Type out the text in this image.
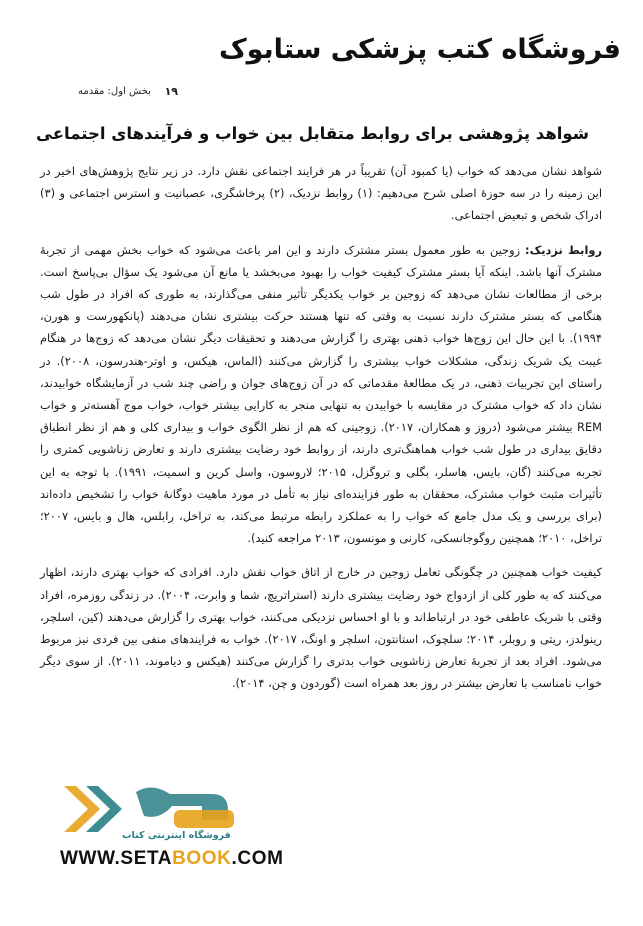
فروشگاه کتب پزشکی ستابوک
۱۹
بخش اول: مقدمه
شواهد پژوهشی برای روابط متقابل بین خواب و فرآیندهای اجتماعی

شواهد نشان می‌دهد که خواب (یا کمبود آن) تقریباً در هر فرایند اجتماعی نقش دارد. در زیر نتایج پژوهش‌های اخیر در این زمینه را در سه حوزهٔ اصلی شرح می‌دهیم: (۱) روابط نزدیک، (۲) پرخاشگری، عصبانیت و استرس اجتماعی و (۳) ادراک شخص و تبعیض اجتماعی.

روابط نزدیک: زوجین به طور معمول بستر مشترک دارند و این امر باعث می‌شود که خواب بخش مهمی از تجربهٔ مشترک آنها باشد. اینکه آیا بستر مشترک کیفیت خواب را بهبود می‌بخشد یا مانع آن می‌شود یک سؤال بی‌پاسخ است. برخی از مطالعات نشان می‌دهد که زوجین بر خواب یکدیگر تأثیر منفی می‌گذارند، به طوری که افراد در طول شب هنگامی که بستر مشترک دارند نسبت به وقتی که تنها هستند حرکت بیشتری نشان می‌دهند (پانکهورست و هورن، ۱۹۹۴). با این حال این زوج‌ها خواب ذهنی بهتری را گزارش می‌دهند و تحقیقات دیگر نشان می‌دهد که زوج‌ها در هنگام غیبت یک شریک زندگی، مشکلات خواب بیشتری را گزارش می‌کنند (الماس، هیکس، و اوتر-هندرسون، ۲۰۰۸). در راستای این تجربیات ذهنی، در یک مطالعهٔ مقدماتی که در آن زوج‌های جوان و راضی چند شب در آزمایشگاه خوابیدند، نشان داد که خواب مشترک در مقایسه با خوابیدن به تنهایی منجر به کارایی بیشتر خواب، خواب موج آهسته‌تر و خواب REM بیشتر می‌شود (دروز و همکاران، ۲۰۱۷). زوجینی که هم از نظر الگوی خواب و بیداری کلی و هم از نظر انطباق دقایق بیداری در طول شب خواب هماهنگ‌تری دارند، از روابط خود رضایت بیشتری دارند و تعارض زناشویی کمتری را تجربه می‌کنند (گان، بایس، هاسلر، بگلی و تروگزل، ۲۰۱۵؛ لاروسون، واسل کرین و اسمیت، ۱۹۹۱). با توجه به این تأثیرات مثبت خواب مشترک، محققان به طور فزاینده‌ای نیاز به تأمل در مورد ماهیت دوگانهٔ خواب را تشخیص داده‌اند (برای بررسی و یک مدل جامع که خواب را به عملکرد رابطه مرتبط می‌کند، به تراخل، رابلس، هال و بایس، ۲۰۰۷؛ تراخل، ۲۰۱۰؛ همچنین روگوجانسکی، کارنی و مونسون، ۲۰۱۳ مراجعه کنید).

کیفیت خواب همچنین در چگونگی تعامل زوجین در خارج از اتاق خواب نقش دارد. افرادی که خواب بهتری دارند، اظهار می‌کنند که به طور کلی از ازدواج خود رضایت بیشتری دارند (استراتریچ، شما و وابرت، ۲۰۰۴). در زندگی روزمره، افراد وقتی با شریک عاطفی خود در ارتباط‌اند و با او احساس نزدیکی می‌کنند، خواب بهتری را گزارش می‌دهند (کین، اسلچر، رینولدز، ریتی و روبلر، ۲۰۱۴؛ سلچوک، استانتون، اسلچر و اونگ، ۲۰۱۷). خواب به فرایندهای منفی بین فردی نیز مربوط می‌شود. افراد بعد از تجربهٔ تعارض زناشویی خواب بدتری را گزارش می‌کنند (هیکس و دیاموند، ۲۰۱۱). از سوی دیگر خواب نامناسب با تعارض بیشتر در روز بعد همراه است (گوردون و چن، ۲۰۱۴).

فروشگاه اینترنتی کتاب
WWW.SETABOOK.COM
